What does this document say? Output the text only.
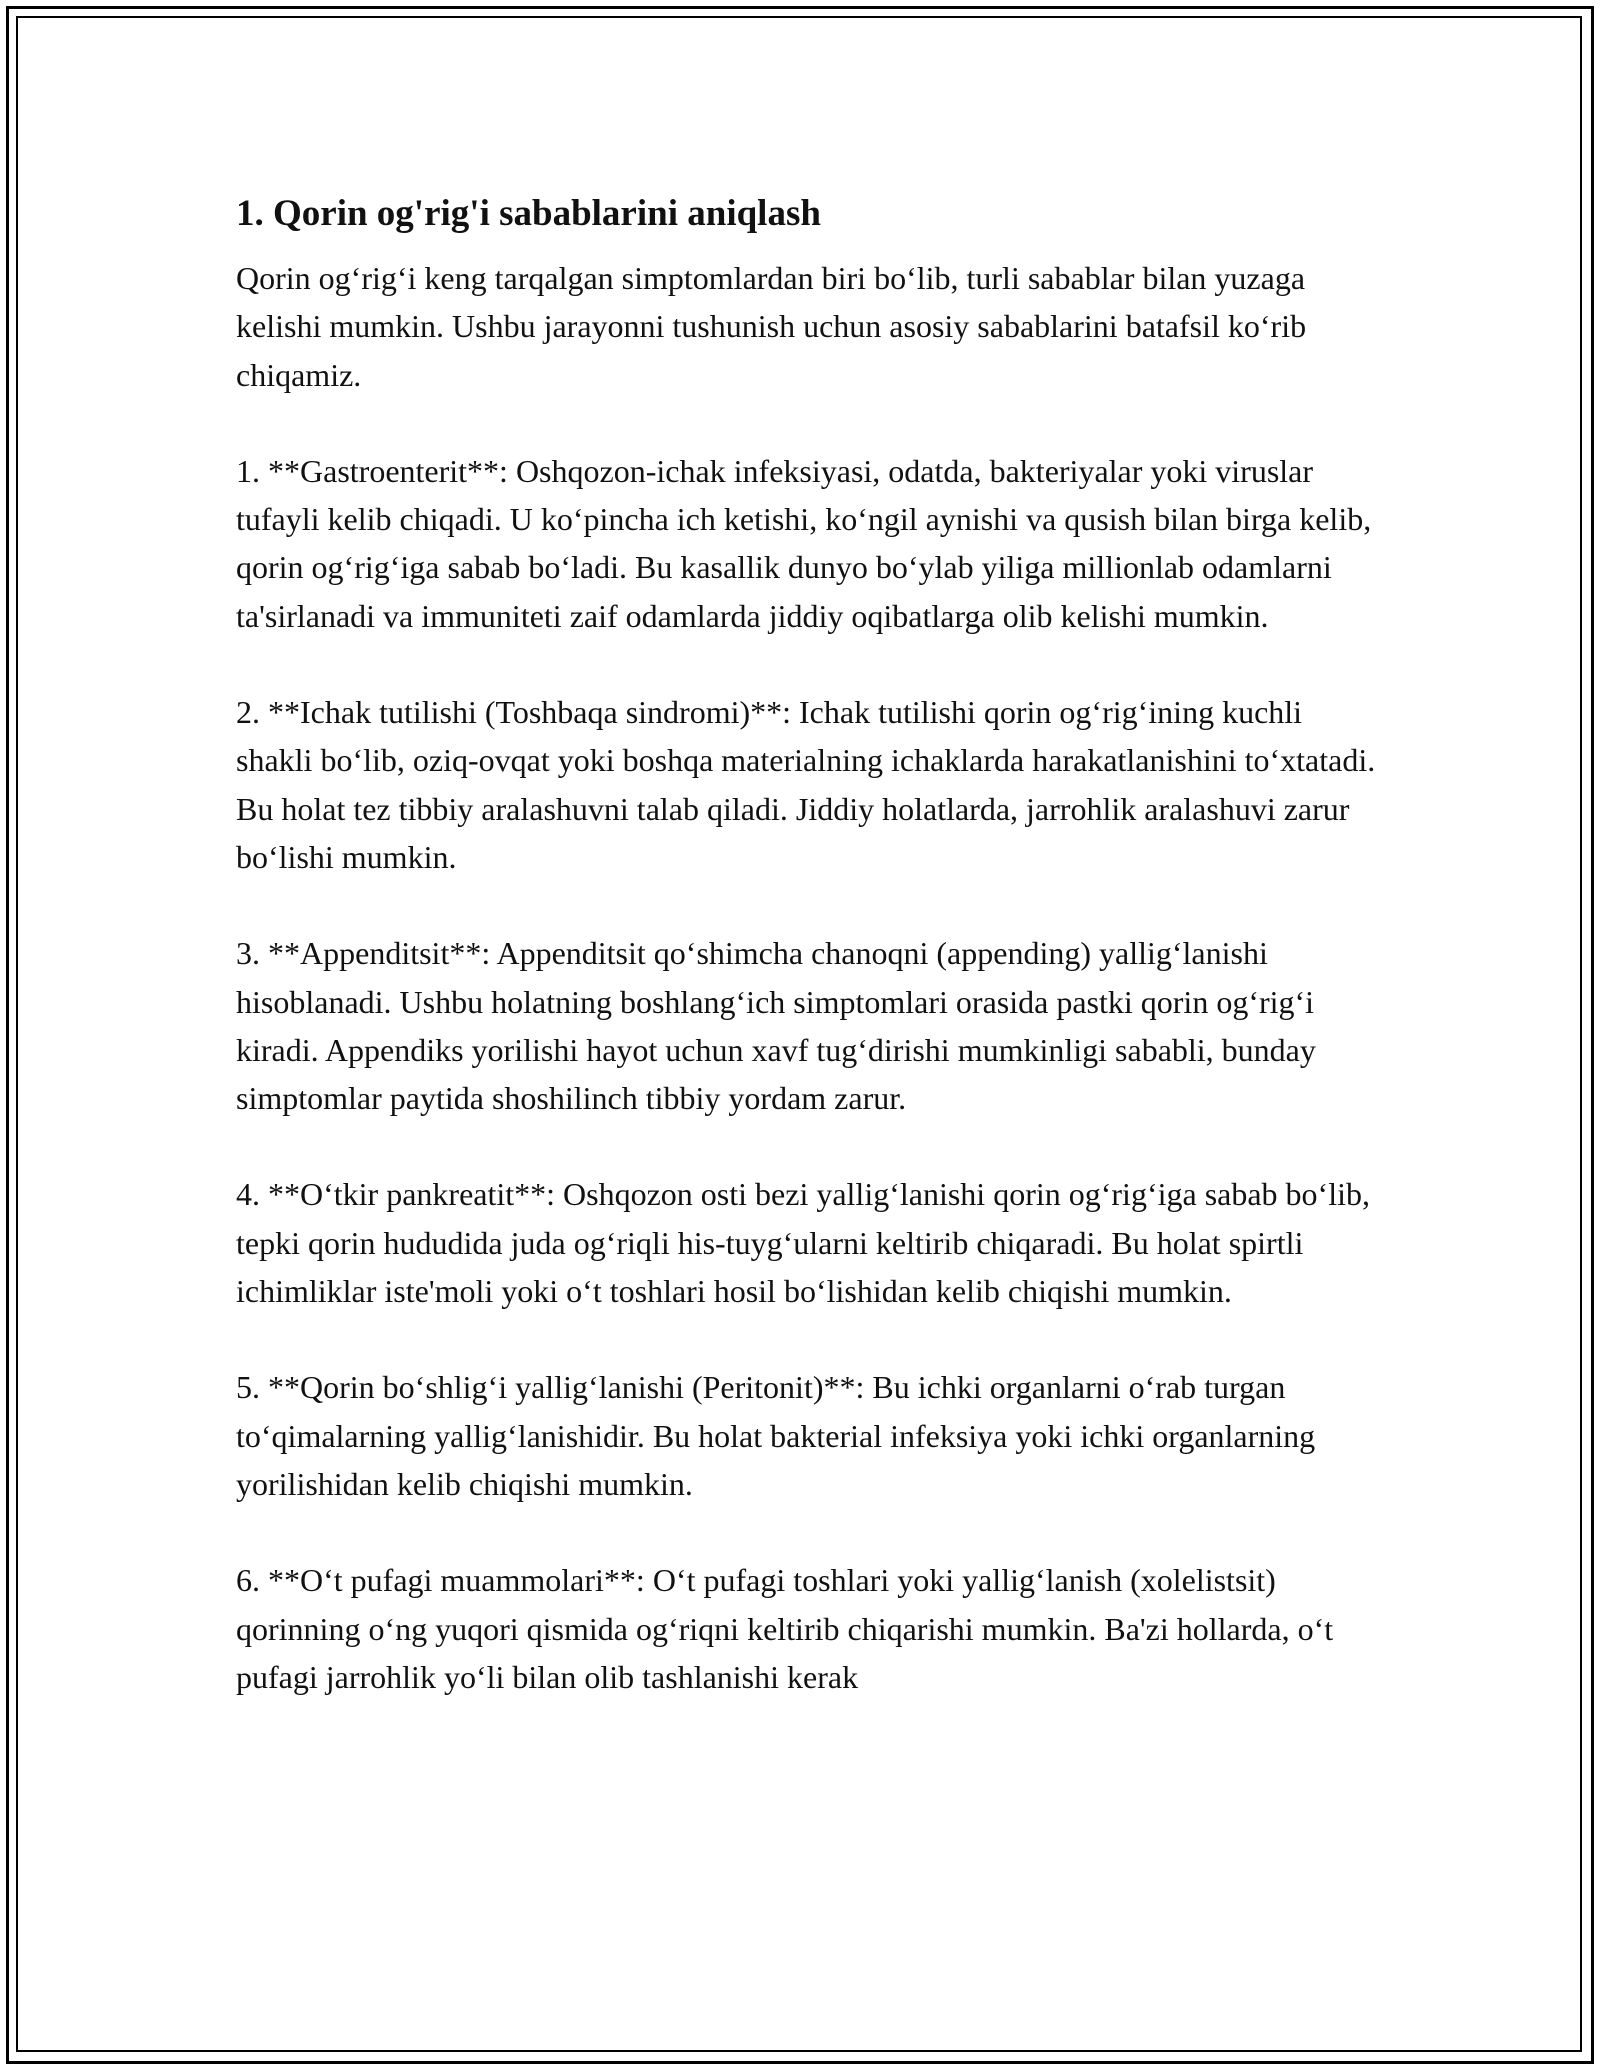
1. Qorin og'rig'i sabablarini aniqlash

Qorin og‘rig‘i keng tarqalgan simptomlardan biri bo‘lib, turli sabablar bilan yuzaga kelishi mumkin. Ushbu jarayonni tushunish uchun asosiy sabablarini batafsil ko‘rib chiqamiz.

1. **Gastroenterit**: Oshqozon-ichak infeksiyasi, odatda, bakteriyalar yoki viruslar tufayli kelib chiqadi. U ko‘pincha ich ketishi, ko‘ngil aynishi va qusish bilan birga kelib, qorin og‘rig‘iga sabab bo‘ladi. Bu kasallik dunyo bo‘ylab yiliga millionlab odamlarni ta'sirlanadi va immuniteti zaif odamlarda jiddiy oqibatlarga olib kelishi mumkin.

2. **Ichak tutilishi (Toshbaqa sindromi)**: Ichak tutilishi qorin og‘rig‘ining kuchli shakli bo‘lib, oziq-ovqat yoki boshqa materialning ichaklarda harakatlanishini to‘xtatadi. Bu holat tez tibbiy aralashuvni talab qiladi. Jiddiy holatlarda, jarrohlik aralashuvi zarur bo‘lishi mumkin.

3. **Appenditsit**: Appenditsit qo‘shimcha chanoqni (appending) yallig‘lanishi hisoblanadi. Ushbu holatning boshlang‘ich simptomlari orasida pastki qorin og‘rig‘i kiradi. Appendiks yorilishi hayot uchun xavf tug‘dirishi mumkinligi sababli, bunday simptomlar paytida shoshilinch tibbiy yordam zarur.

4. **O‘tkir pankreatit**: Oshqozon osti bezi yallig‘lanishi qorin og‘rig‘iga sabab bo‘lib, tepki qorin hududida juda og‘riqli his-tuyg‘ularni keltirib chiqaradi. Bu holat spirtli ichimliklar iste'moli yoki o‘t toshlari hosil bo‘lishidan kelib chiqishi mumkin.

5. **Qorin bo‘shlig‘i yallig‘lanishi (Peritonit)**: Bu ichki organlarni o‘rab turgan to‘qimalarning yallig‘lanishidir. Bu holat bakterial infeksiya yoki ichki organlarning yorilishidan kelib chiqishi mumkin.

6. **O‘t pufagi muammolari**: O‘t pufagi toshlari yoki yallig‘lanish (xolelistsit) qorinning o‘ng yuqori qismida og‘riqni keltirib chiqarishi mumkin. Ba'zi hollarda, o‘t pufagi jarrohlik yo‘li bilan olib tashlanishi kerak
